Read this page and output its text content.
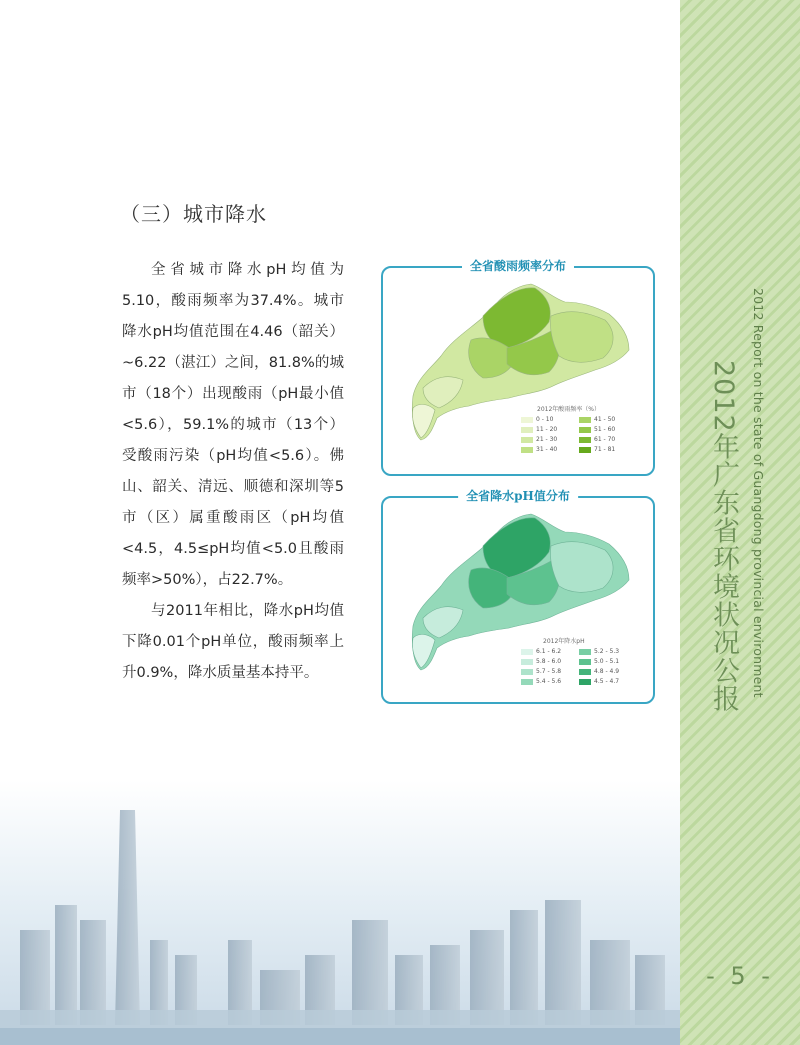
2012 Report on the state of Guangdong provincial environment
2012年广东省环境状况公报
- 5 -
（三）城市降水

全省城市降水pH均值为5.10，酸雨频率为37.4%。城市降水pH均值范围在4.46（韶关）~6.22（湛江）之间，81.8%的城市（18个）出现酸雨（pH最小值<5.6），59.1%的城市（13个）受酸雨污染（pH均值<5.6）。佛山、韶关、清远、顺德和深圳等5市（区）属重酸雨区（pH均值<4.5，4.5≤pH均值<5.0且酸雨频率>50%），占22.7%。

与2011年相比，降水pH均值下降0.01个pH单位，酸雨频率上升0.9%，降水质量基本持平。

全省酸雨频率分布
2012年酸雨频率（%）
0 - 10
11 - 20
21 - 30
31 - 40
41 - 50
51 - 60
61 - 70
71 - 81
全省降水pH值分布
2012年降水pH
6.1 - 6.2
5.8 - 6.0
5.7 - 5.8
5.4 - 5.6
5.2 - 5.3
5.0 - 5.1
4.8 - 4.9
4.5 - 4.7
